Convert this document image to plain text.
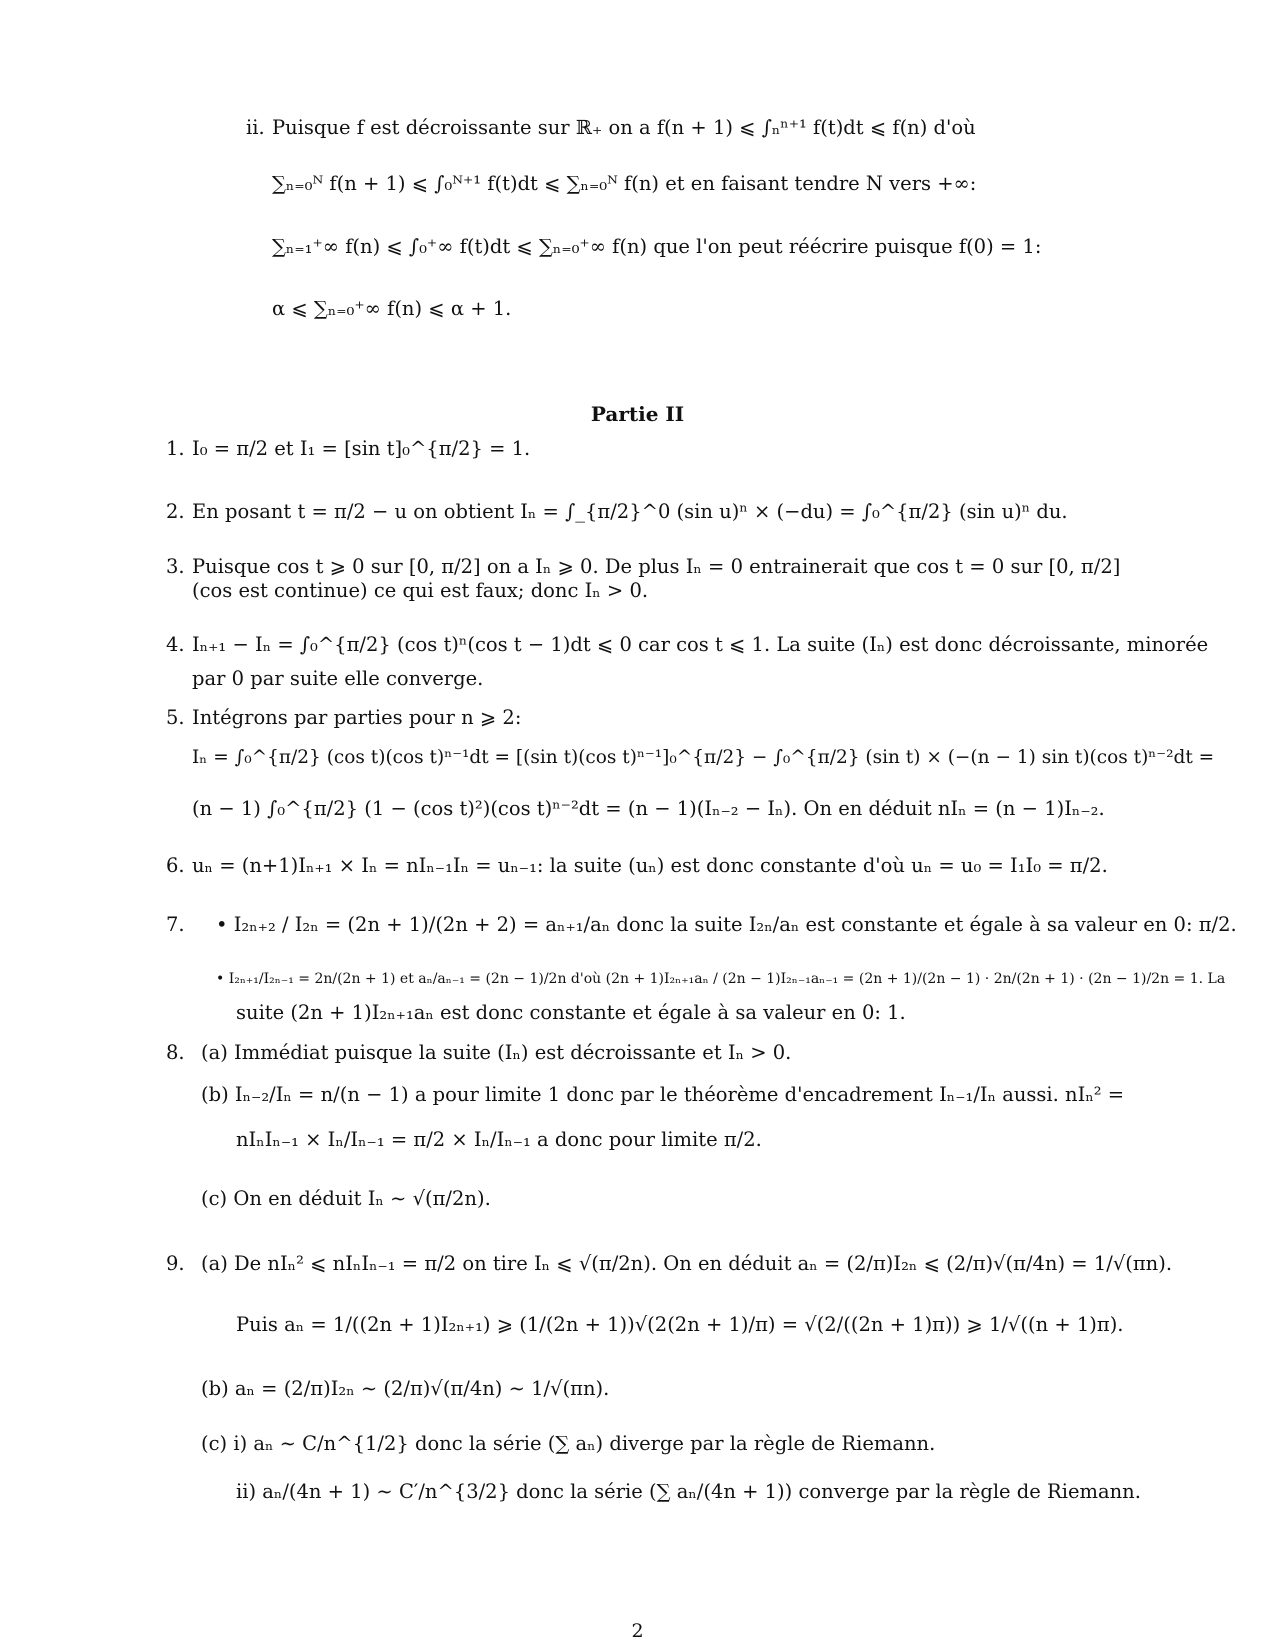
ii. Puisque f est décroissante sur ℝ₊ on a f(n + 1) ⩽ ∫ₙⁿ⁺¹ f(t)dt ⩽ f(n) d'où
∑ₙ₌₀ᴺ f(n + 1) ⩽ ∫₀ᴺ⁺¹ f(t)dt ⩽ ∑ₙ₌₀ᴺ f(n) et en faisant tendre N vers +∞:
∑ₙ₌₁⁺∞ f(n) ⩽ ∫₀⁺∞ f(t)dt ⩽ ∑ₙ₌₀⁺∞ f(n) que l'on peut réécrire puisque f(0) = 1:
α ⩽ ∑ₙ₌₀⁺∞ f(n) ⩽ α + 1.
Partie II
1. I₀ = π/2 et I₁ = [sin t]₀^{π/2} = 1.
2. En posant t = π/2 − u on obtient Iₙ = ∫_{π/2}^0 (sin u)ⁿ × (−du) = ∫₀^{π/2} (sin u)ⁿ du.
3. Puisque cos t ⩾ 0 sur [0, π/2] on a Iₙ ⩾ 0. De plus Iₙ = 0 entrainerait que cos t = 0 sur [0, π/2]
(cos est continue) ce qui est faux; donc Iₙ > 0.
4. Iₙ₊₁ − Iₙ = ∫₀^{π/2} (cos t)ⁿ(cos t − 1)dt ⩽ 0 car cos t ⩽ 1. La suite (Iₙ) est donc décroissante, minorée
par 0 par suite elle converge.
5. Intégrons par parties pour n ⩾ 2:
Iₙ = ∫₀^{π/2} (cos t)(cos t)ⁿ⁻¹dt = [(sin t)(cos t)ⁿ⁻¹]₀^{π/2} − ∫₀^{π/2} (sin t) × (−(n − 1) sin t)(cos t)ⁿ⁻²dt =
(n − 1) ∫₀^{π/2} (1 − (cos t)²)(cos t)ⁿ⁻²dt = (n − 1)(Iₙ₋₂ − Iₙ). On en déduit nIₙ = (n − 1)Iₙ₋₂.
6. uₙ = (n+1)Iₙ₊₁ × Iₙ = nIₙ₋₁Iₙ = uₙ₋₁: la suite (uₙ) est donc constante d'où uₙ = u₀ = I₁I₀ = π/2.
7. • I₂ₙ₊₂ / I₂ₙ = (2n + 1)/(2n + 2) = aₙ₊₁/aₙ donc la suite I₂ₙ/aₙ est constante et égale à sa valeur en 0: π/2.
• I₂ₙ₊₁/I₂ₙ₋₁ = 2n/(2n + 1) et aₙ/aₙ₋₁ = (2n − 1)/2n d'où (2n + 1)I₂ₙ₊₁aₙ / (2n − 1)I₂ₙ₋₁aₙ₋₁ = (2n + 1)/(2n − 1) · 2n/(2n + 1) · (2n − 1)/2n = 1. La
suite (2n + 1)I₂ₙ₊₁aₙ est donc constante et égale à sa valeur en 0: 1.
8. (a) Immédiat puisque la suite (Iₙ) est décroissante et Iₙ > 0.
(b) Iₙ₋₂/Iₙ = n/(n − 1) a pour limite 1 donc par le théorème d'encadrement Iₙ₋₁/Iₙ aussi. nIₙ² =
nIₙIₙ₋₁ × Iₙ/Iₙ₋₁ = π/2 × Iₙ/Iₙ₋₁ a donc pour limite π/2.
(c) On en déduit Iₙ ∼ √(π/2n).
9. (a) De nIₙ² ⩽ nIₙIₙ₋₁ = π/2 on tire Iₙ ⩽ √(π/2n). On en déduit aₙ = (2/π)I₂ₙ ⩽ (2/π)√(π/4n) = 1/√(πn).
Puis aₙ = 1/((2n + 1)I₂ₙ₊₁) ⩾ (1/(2n + 1))√(2(2n + 1)/π) = √(2/((2n + 1)π)) ⩾ 1/√((n + 1)π).
(b) aₙ = (2/π)I₂ₙ ∼ (2/π)√(π/4n) ∼ 1/√(πn).
(c) i) aₙ ∼ C/n^{1/2} donc la série (∑ aₙ) diverge par la règle de Riemann.
ii) aₙ/(4n + 1) ∼ C′/n^{3/2} donc la série (∑ aₙ/(4n + 1)) converge par la règle de Riemann.
2
